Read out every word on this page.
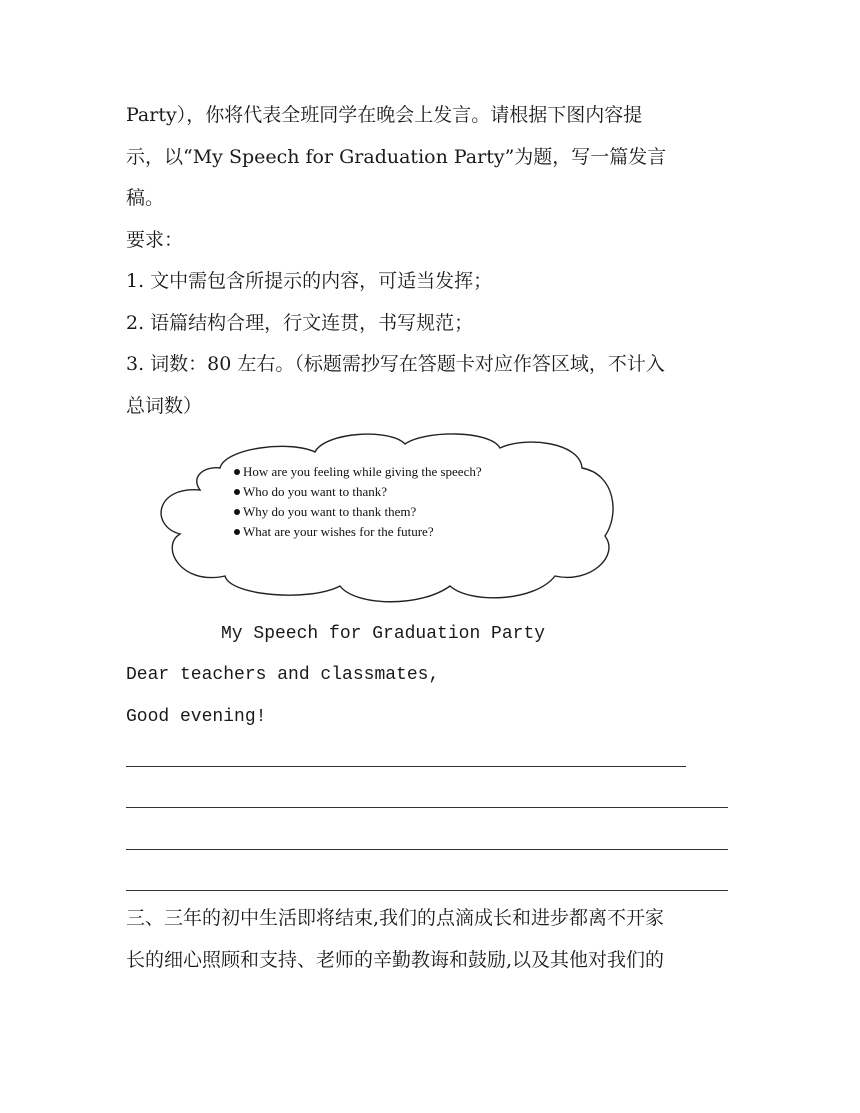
Party），你将代表全班同学在晚会上发言。请根据下图内容提
示，以“My Speech for Graduation Party”为题，写一篇发言
稿。
要求：
1. 文中需包含所提示的内容，可适当发挥；
2. 语篇结构合理，行文连贯，书写规范；
3. 词数：80 左右。（标题需抄写在答题卡对应作答区域，不计入
总词数）
How are you feeling while giving the speech?
Who do you want to thank?
Why do you want to thank them?
What are your wishes for the future?
My Speech for Graduation Party
Dear teachers and classmates,
Good evening!
三、三年的初中生活即将结束,我们的点滴成长和进步都离不开家
长的细心照顾和支持、老师的辛勤教诲和鼓励,以及其他对我们的
